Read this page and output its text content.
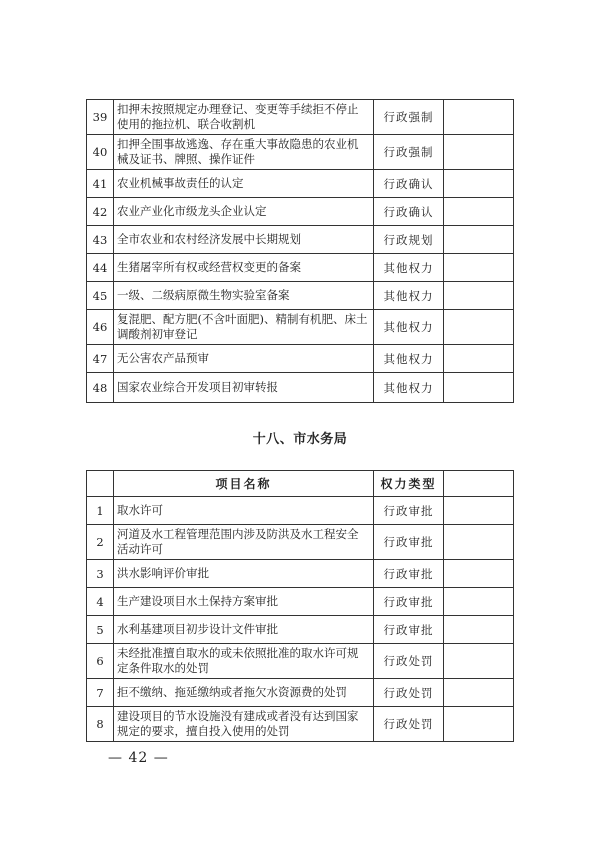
39	扣押未按照规定办理登记、变更等手续拒不停止使用的拖拉机、联合收割机	行政强制	
40	扣押全围事故逃逸、存在重大事故隐患的农业机械及证书、牌照、操作证件	行政强制	
41	农业机械事故责任的认定	行政确认	
42	农业产业化市级龙头企业认定	行政确认	
43	全市农业和农村经济发展中长期规划	行政规划	
44	生猪屠宰所有权或经营权变更的备案	其他权力	
45	一级、二级病原微生物实验室备案	其他权力	
46	复混肥、配方肥(不含叶面肥)、精制有机肥、床土调酸剂初审登记	其他权力	
47	无公害农产品预审	其他权力	
48	国家农业综合开发项目初审转报	其他权力	
十八、市水务局
	项目名称	权力类型	
1	取水许可	行政审批	
2	河道及水工程管理范围内涉及防洪及水工程安全活动许可	行政审批	
3	洪水影响评价审批	行政审批	
4	生产建设项目水土保持方案审批	行政审批	
5	水利基建项目初步设计文件审批	行政审批	
6	未经批准擅自取水的或未依照批准的取水许可规定条件取水的处罚	行政处罚	
7	拒不缴纳、拖延缴纳或者拖欠水资源费的处罚	行政处罚	
8	建设项目的节水设施没有建成或者没有达到国家规定的要求，擅自投入使用的处罚	行政处罚	
— 42 —
